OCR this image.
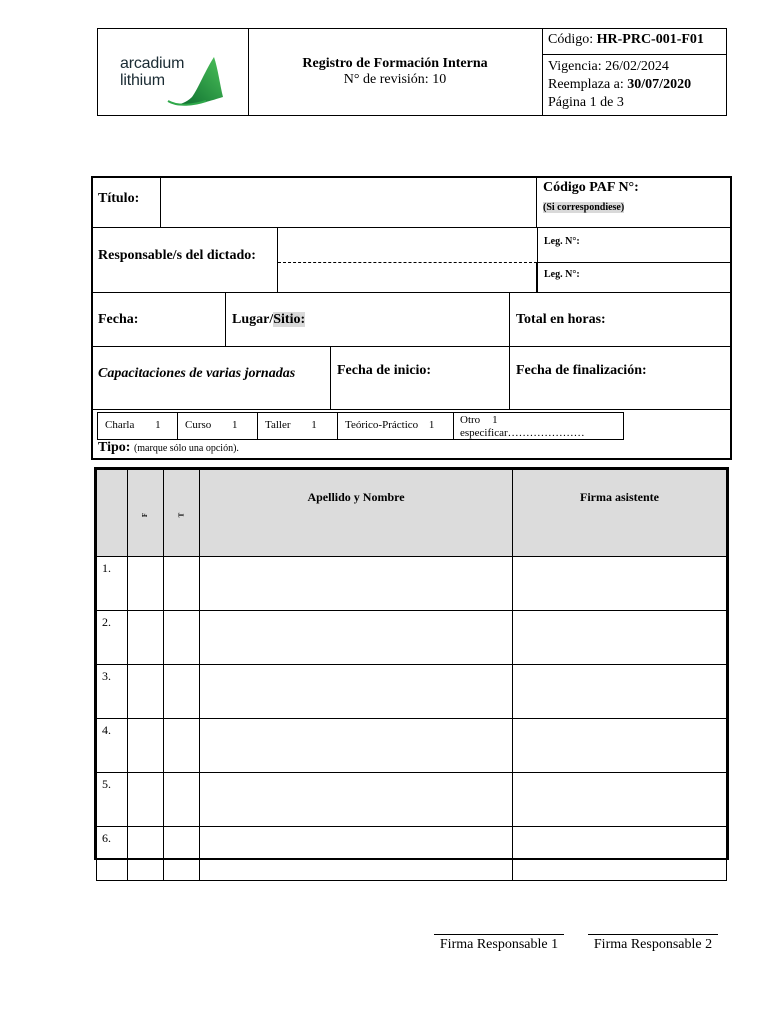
arcadium
lithium
Registro de Formación Interna
N° de revisión: 10
Código: HR-PRC-001-F01
Vigencia: 26/02/2024
Reemplaza a: 30/07/2020
Página 1 de 3
Título:
Código PAF N°:
(Si correspondiese)
Responsable/s del dictado:
Leg. N°:
Leg. N°:
Fecha:	Lugar/Sitio:	Total en horas:
Capacitaciones de varias jornadas	Fecha de inicio:	Fecha de finalización:
Charla 1	Curso 1	Taller 1	Teórico-Práctico 1	Otro 1
especificar…………………
Tipo: (marque sólo una opción).
	F	T	Apellido y Nombre	Firma asistente
1.				
2.				
3.				
4.				
5.				
6.				
Firma Responsable 1	Firma Responsable 2
